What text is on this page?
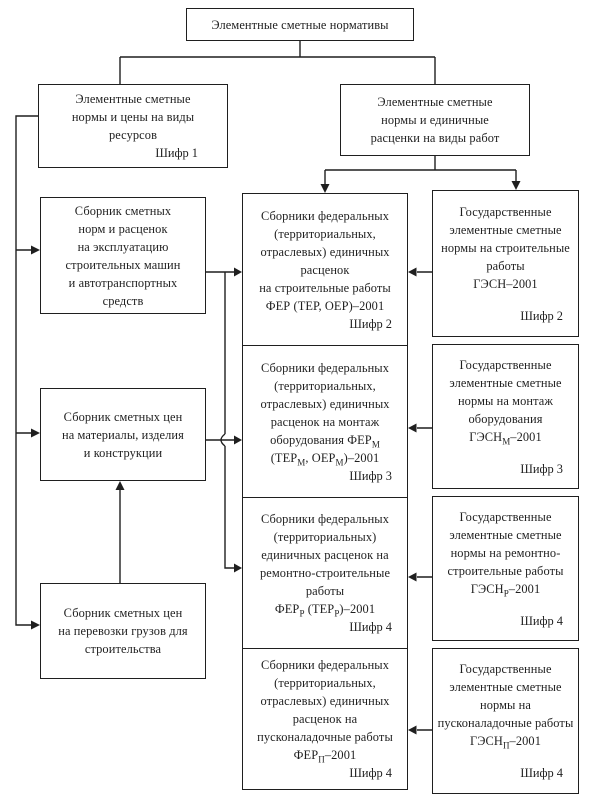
Элементные сметные нормативы
Элементные сметные
нормы и цены на виды
ресурсов
Шифр 1
Элементные сметные
нормы и единичные
расценки на виды работ
Сборник сметных
норм и расценок
на эксплуатацию
строительных машин
и автотранспортных
средств
Сборник сметных цен
на материалы, изделия
и конструкции
Сборник сметных цен
на перевозки грузов для
строительства
Сборники федеральных
(территориальных,
отраслевых) единичных
расценок
на строительные работы
ФЕР (ТЕР, ОЕР)–2001
Шифр 2
Сборники федеральных
(территориальных,
отраслевых) единичных
расценок на монтаж
оборудования $ФЕР_М$
($ТЕР_М$, $ОЕР_М)-2001$
Шифр 3
Сборники федеральных
(территориальных)
единичных расценок на
ремонтно-строительные
работы
$ФЕР_Р$ $(ТЕР_Р)-2001$
Шифр 4
Сборники федеральных
(территориальных,
отраслевых) единичных
расценок на
пусконаладочные работы
$ФЕР_П-2001$
Шифр 4
Государственные
элементные сметные
нормы на строительные
работы
ГЭСН–2001
Шифр 2
Государственные
элементные сметные
нормы на монтаж
оборудования
$ГЭСН_М-2001$
Шифр 3
Государственные
элементные сметные
нормы на ремонтно-
строительные работы
$ГЭСН_Р-2001$
Шифр 4
Государственные
элементные сметные
нормы на
пусконаладочные работы
$ГЭСН_П-2001$
Шифр 4
